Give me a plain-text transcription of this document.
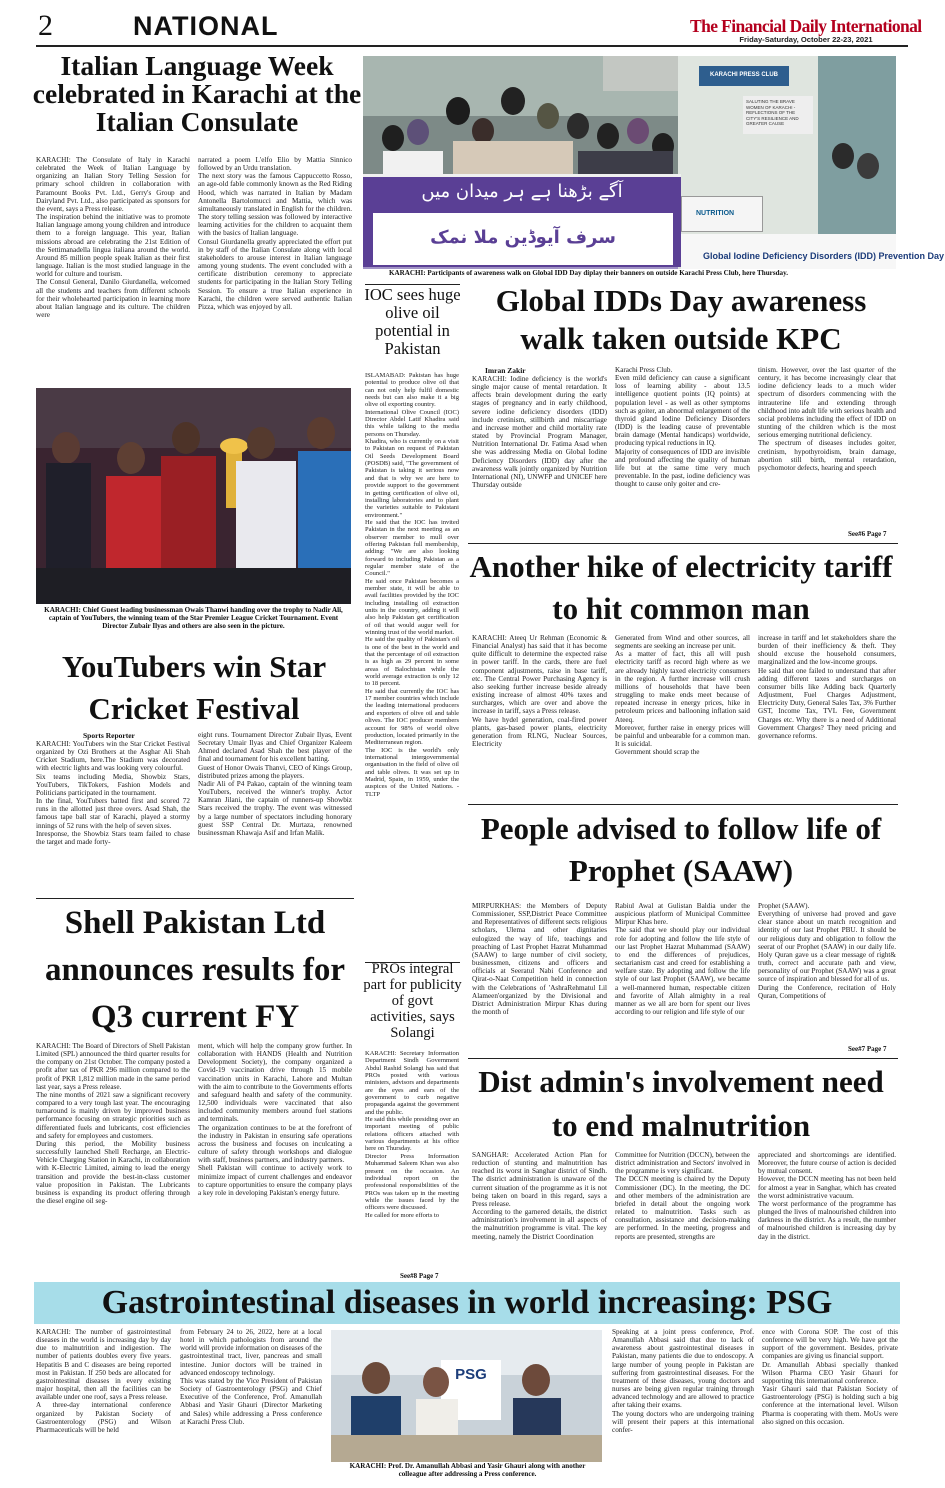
2	NATIONAL	The Financial Daily International
Friday-Saturday, October 22-23, 2021
Italian Language Week celebrated in Karachi at the Italian Consulate
KARACHI: The Consulate of Italy in Karachi celebrated the Week of Italian Language by organizing an Italian Story Telling Session for primary school children in collaboration with Paramount Books Pvt. Ltd., Gerry's Group and Dairyland Pvt. Ltd., also participated as sponsors for the event, says a Press release.
The inspiration behind the initiative was to promote Italian language among young children and introduce them to a foreign language. This year, Italian missions abroad are celebrating the 21st Edition of the Settimanadella lingua italiana around the world. Around 85 million people speak Italian as their first language. Italian is the most studied language in the world for culture and tourism.
The Consul General, Danilo Giurdanella, welcomed all the students and teachers from different schools for their wholehearted participation in learning more about Italian language and its culture. The children were
narrated a poem L'elfo Elio by Mattia Sinnico followed by an Urdu translation.
The next story was the famous Cappuccetto Rosso, an age-old fable commonly known as the Red Riding Hood, which was narrated in Italian by Madam Antonella Bartolomucci and Mattia, which was simultaneously translated in English for the children. The story telling session was followed by interactive learning activities for the children to acquaint them with the basics of Italian language.
Consul Giurdanella greatly appreciated the effort put in by staff of the Italian Consulate along with local stakeholders to arouse interest in Italian language among young students. The event concluded with a certificate distribution ceremony to appreciate students for participating in the Italian Story Telling Session. To ensure a true Italian experience in Karachi, the children were served authentic Italian Pizza, which was enjoyed by all.
آگے بڑھنا ہے ہر میدان میں
سرف آیوڈین ملا نمک
NUTRITION
Global Iodine Deficiency Disorders (IDD) Prevention Day
KARACHI PRESS CLUB
SALUTING THE BRAVE WOMEN OF KARACHI - REFLECTIONS OF THE CITY'S RESILIENCE AND GREATER CAUSE
KARACHI: Participants of awareness walk on Global IDD Day diplay their banners on outside Karachi Press Club, here Thursday.
IOC sees huge olive oil potential in Pakistan
ISLAMABAD: Pakistan has huge potential to produce olive oil that can not only help fulfil domestic needs but can also make it a big olive oil exporting country.
International Olive Council (IOC) Director Abdel Latif Khadira said this while talking to the media persons on Thursday.
Khadira, who is currently on a visit to Pakistan on request of Pakistan Oil Seeds Development Board (POSDB) said, "The government of Pakistan is taking it serious now and that is why we are here to provide support to the government in getting certification of olive oil, installing laboratories and to plant the varieties suitable to Pakistani environment."
He said that the IOC has invited Pakistan in the next meeting as an observer member to mull over offering Pakistan full membership, adding: "We are also looking forward to including Pakistan as a regular member state of the Council."
He said once Pakistan becomes a member state, it will be able to avail facilities provided by the IOC including installing oil extraction units in the country, adding it will also help Pakistan get certification of oil that would augur well for winning trust of the world market.
He said the quality of Pakistan's oil is one of the best in the world and that the percentage of oil extraction is as high as 29 percent in some areas of Balochistan while the world average extraction is only 12 to 18 percent.
He said that currently the IOC has 17 member countries which include the leading international producers and exporters of olive oil and table olives. The IOC producer members account for 98% of world olive production, located primarily in the Mediterranean region.
The IOC is the world's only international intergovernmental organisation in the field of olive oil and table olives. It was set up in Madrid, Spain, in 1959, under the auspices of the United Nations. - TLTP
PROs integral part for publicity of govt activities, says Solangi
KARACHI: Secretary Information Department Sindh Government Abdul Rashid Solangi has said that PROs posted with various ministers, advisors and departments are the eyes and ears of the government to curb negative propaganda against the government and the public.
He said this while presiding over an important meeting of public relations officers attached with various departments at his office here on Thursday.
Director Press Information Muhammad Saleem Khan was also present on the occasion. An individual report on the professional responsibilities of the PROs was taken up in the meeting while the issues faced by the officers were discussed.
He called for more efforts to
See#8 Page 7
Global IDDs Day awareness walk taken outside KPC
Imran Zakir
KARACHI: Iodine deficiency is the world's single major cause of mental retardation. It affects brain development during the early stages of pregnancy and in early childhood, severe iodine deficiency disorders (IDD) include cretinism, stillbirth and miscarriage and increase mother and child mortality rate stated by Provincial Program Manager, Nutrition International Dr. Fatima Asad when she was addressing Media on Global Iodine Deficiency Disorders (IDD) day after the awareness walk jointly organized by Nutrition International (NI), UNWFP and UNICEF here Thursday outside
Karachi Press Club.
Even mild deficiency can cause a significant loss of learning ability - about 13.5 intelligence quotient points (IQ points) at population level - as well as other symptoms such as goiter, an abnormal enlargement of the thyroid gland Iodine Deficiency Disorders (IDD) is the leading cause of preventable brain damage (Mental handicaps) worldwide, producing typical reductions in IQ.
Majority of consequences of IDD are invisible and profound affecting the quality of human life but at the same time very much preventable. In the past, iodine deficiency was thought to cause only goiter and cre-
tinism. However, over the last quarter of the century, it has become increasingly clear that iodine deficiency leads to a much wider spectrum of disorders commencing with the intrauterine life and extending through childhood into adult life with serious health and social problems including the effect of IDD on stunting of the children which is the most serious emerging nutritional deficiency.
The spectrum of diseases includes goiter, cretinism, hypothyroidism, brain damage, abortion still birth, mental retardation, psychomotor defects, hearing and speech
See#6 Page 7
Another hike of electricity tariff to hit common man
KARACHI: Ateeq Ur Rehman (Economic & Financial Analyst) has said that it has become quite difficult to determine the expected raise in power tariff. In the cards, there are fuel component adjustments, raise in base tariff, etc. The Central Power Purchasing Agency is also seeking further increase beside already existing increase of almost 40% taxes and surcharges, which are over and above the increase in tariff, says a Press release.
We have hydel generation, coal-fired power plants, gas-based power plants, electricity generation from RLNG, Nuclear Sources, Electricity
Generated from Wind and other sources, all segments are seeking an increase per unit.
As a matter of fact, this all will push electricity tariff as record high where as we are already highly taxed electricity consumers in the region. A further increase will crush millions of households that have been struggling to make ends meet because of repeated increase in energy prices, hike in petroleum prices and ballooning inflation said Ateeq.
Moreover, further raise in energy prices will be painful and unbearable for a common man. It is suicidal.
Government should scrap the
increase in tariff and let stakeholders share the burden of their inefficiency & theft. They should excuse the household consumers, marginalized and the low-income groups.
He said that one failed to understand that after adding different taxes and surcharges on consumer bills like Adding back Quarterly Adjustment, Fuel Charges Adjustment, Electricity Duty, General Sales Tax, 3% Further GST, Income Tax, TVL Fee, Government Charges etc. Why there is a need of Additional Government Charges? They need pricing and governance reforms.
KARACHI: Chief Guest leading businessman Owais Thanwi handing over the trophy to Nadir Ali, captain of YouTubers, the winning team of the Star Premier League Cricket Tournament. Event Director Zubair Ilyas and others are also seen in the picture.
YouTubers win Star Cricket Festival
Sports Reporter
KARACHI: YouTubers win the Star Cricket Festival organized by Ozi Brothers at the Asghar Ali Shah Cricket Stadium, here.The Stadium was decorated with electric lights and was looking very colourful.
Six teams including Media, Showbiz Stars, YouTubers, TikTokers, Fashion Models and Politicians participated in the tournament.
In the final, YouTubers batted first and scored 72 runs in the allotted just three overs. Asad Shah, the famous tape ball star of Karachi, played a stormy innings of 52 runs with the help of seven sixes.
Inresponse, the Showbiz Stars team failed to chase the target and made forty-
eight runs. Tournament Director Zubair Ilyas, Event Secretary Umair Ilyas and Chief Organizer Kaleem Ahmed declared Asad Shah the best player of the final and tournament for his excellent batting.
Guest of Honor Owais Thanvi, CEO of Kings Group, distributed prizes among the players.
Nadir Ali of P4 Pakao, captain of the winning team YouTubers, received the winner's trophy. Actor Kamran Jilani, the captain of runners-up Showbiz Stars received the trophy. The event was witnessed by a large number of spectators including honorary guest SSP Central Dr. Murtaza, renowned businessman Khawaja Asif and Irfan Malik.	People advised to follow life of Prophet (SAAW)
MIRPURKHAS: the Members of Deputy Commissioner, SSP,District Peace Committee and Representatives of different sects religious scholars, Ulema and other dignitaries eulogized the way of life, teachings and preaching of Last Prophet Hazrat Muhammad (SAAW) to large number of civil society, businessmen, citizens and officers and officials at Seeratul Nabi Conference and Qirat-o-Naat Competition held in connection with the Celebrations of 'AshraRehmatul Lil Alameen'organized by the Divisional and District Administration Mirpur Khas during the month of
Rabiul Awal at Gulistan Baldia under the auspicious platform of Municipal Committee Mirpur Khas here.
The said that we should play our individual role for adopting and follow the life style of our last Prophet Hazrat Muhammad (SAAW) to end the differences of prejudices, sectarianism cast and creed for establishing a welfare state. By adopting and follow the life style of our last Prophet (SAAW), we became a well-mannered human, respectable citizen and favorite of Allah almighty in a real manner as we all are born for spent our lives according to our religion and life style of our
Prophet (SAAW).
Everything of universe had proved and gave clear stance about un match recognition and identity of our last Prophet PBU. It should be our religious duty and obligation to follow the seerat of our Prophet (SAAW) in our daily life. Holy Quran gave us a clear message of right& truth, correct and accurate path and view, personality of our Prophet (SAAW) was a great source of inspiration and blessed for all of us.
During the Conference, recitation of Holy Quran, Competitions of
See#7 Page 7
Shell Pakistan Ltd announces results for Q3 current FY
KARACHI: The Board of Directors of Shell Pakistan Limited (SPL) announced the third quarter results for the company on 21st October. The company posted a profit after tax of PKR 296 million compared to the profit of PKR 1,812 million made in the same period last year, says a Press release.
The nine months of 2021 saw a significant recovery compared to a very tough last year. The encouraging turnaround is mainly driven by improved business performance focusing on strategic priorities such as differentiated fuels and lubricants, cost efficiencies and safety for employees and customers.
During this period, the Mobility business successfully launched Shell Recharge, an Electric-Vehicle Charging Station in Karachi, in collaboration with K-Electric Limited, aiming to lead the energy transition and provide the best-in-class customer value proposition in Pakistan. The Lubricants business is expanding its product offering through the diesel engine oil seg-
ment, which will help the company grow further. In collaboration with HANDS (Health and Nutrition Development Society), the company organized a Covid-19 vaccination drive through 15 mobile vaccination units in Karachi, Lahore and Multan with the aim to contribute to the Governments efforts and safeguard health and safety of the community. 12,500 individuals were vaccinated that also included community members around fuel stations and terminals.
The organization continues to be at the forefront of the industry in Pakistan in ensuring safe operations across the business and focuses on inculcating a culture of safety through workshops and dialogue with staff, business partners, and industry partners.
Shell Pakistan will continue to actively work to minimize impact of current challenges and endeavor to capture opportunities to ensure the company plays a key role in developing Pakistan's energy future.
Dist admin's involvement need to end malnutrition
SANGHAR: Accelerated Action Plan for reduction of stunting and malnutrition has reached its worst in Sanghar district of Sindh. The district administration is unaware of the current situation of the programme as it is not being taken on board in this regard, says a Press release.
According to the garnered details, the district administration's involvement in all aspects of the malnutrition programme is vital. The key meeting, namely the District Coordination
Committee for Nutrition (DCCN), between the district administration and Sectors' involved in the programme is very significant.
The DCCN meeting is chaired by the Deputy Commissioner (DC). In the meeting, the DC and other members of the administration are briefed in detail about the ongoing work related to malnutrition. Tasks such as consultation, assistance and decision-making are performed. In the meeting, progress and reports are presented, strengths are
appreciated and shortcomings are identified. Moreover, the future course of action is decided by mutual consent.
However, the DCCN meeting has not been held for almost a year in Sanghar, which has created the worst administrative vacuum.
The worst performance of the programme has plunged the lives of malnourished children into darkness in the district. As a result, the number of malnourished children is increasing day by day in the district.
Gastrointestinal diseases in world increasing: PSG
KARACHI: The number of gastrointestinal diseases in the world is increasing day by day due to malnutrition and indigestion. The number of patients doubles every five years. Hepatitis B and C diseases are being reported most in Pakistan. If 250 beds are allocated for gastrointestinal diseases in every existing major hospital, then all the facilities can be available under one roof, says a Press release.
A three-day international conference organized by Pakistan Society of Gastroenterology (PSG) and Wilson Pharmaceuticals will be held
from February 24 to 26, 2022, here at a local hotel in which pathologists from around the world will provide information on diseases of the gastrointestinal tract, liver, pancreas and small intestine. Junior doctors will be trained in advanced endoscopy technology.
This was stated by the Vice President of Pakistan Society of Gastroenterology (PSG) and Chief Executive of the Conference, Prof. Amanullah Abbasi and Yasir Ghauri (Director Marketing and Sales) while addressing a Press conference at Karachi Press Club.
PSG
KARACHI: Prof. Dr. Amanullah Abbasi and Yasir Ghauri along with another colleague after addressing a Press conference.
Speaking at a joint press conference, Prof. Amanullah Abbasi said that due to lack of awareness about gastrointestinal diseases in Pakistan, many patients die due to endoscopy. A large number of young people in Pakistan are suffering from gastrointestinal diseases. For the treatment of these diseases, young doctors and nurses are being given regular training through advanced technology and are allowed to practice after taking their exams.
The young doctors who are undergoing training will present their papers at this international confer-
ence with Corona SOP. The cost of this conference will be very high. We have got the support of the government. Besides, private companies are giving us financial support.
Dr. Amanullah Abbasi specially thanked Wilson Pharma CEO Yasir Ghauri for supporting this international conference.
Yasir Ghauri said that Pakistan Society of Gastroenterology (PSG) is holding such a big conference at the international level. Wilson Pharma is cooperating with them. MoUs were also signed on this occasion.
